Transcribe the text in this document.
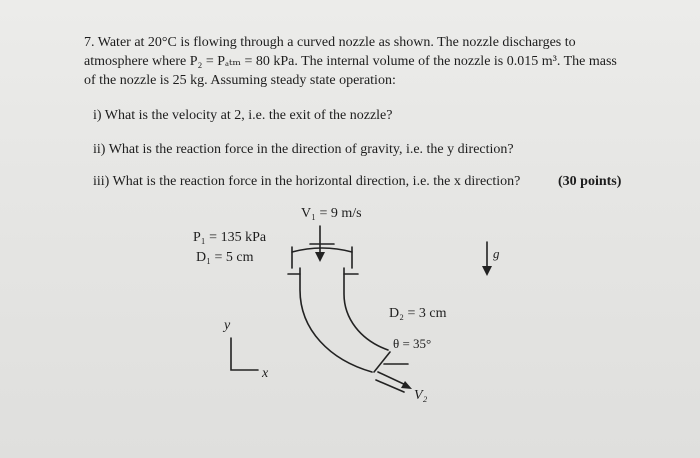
7. Water at 20°C is flowing through a curved nozzle as shown. The nozzle discharges to

atmosphere where P₂ = Pₐₜₘ = 80 kPa. The internal volume of the nozzle is 0.015 m³. The mass

of the nozzle is 25 kg. Assuming steady state operation:

i) What is the velocity at 2, i.e. the exit of the nozzle?
ii) What is the reaction force in the direction of gravity, i.e. the y direction?
iii) What is the reaction force in the horizontal direction, i.e. the x direction?	(30 points)
V₁ = 9 m/s
P₁ = 135 kPa
D₁ = 5 cm
D₂ = 3 cm
θ = 35°
V₂
g
y
x
